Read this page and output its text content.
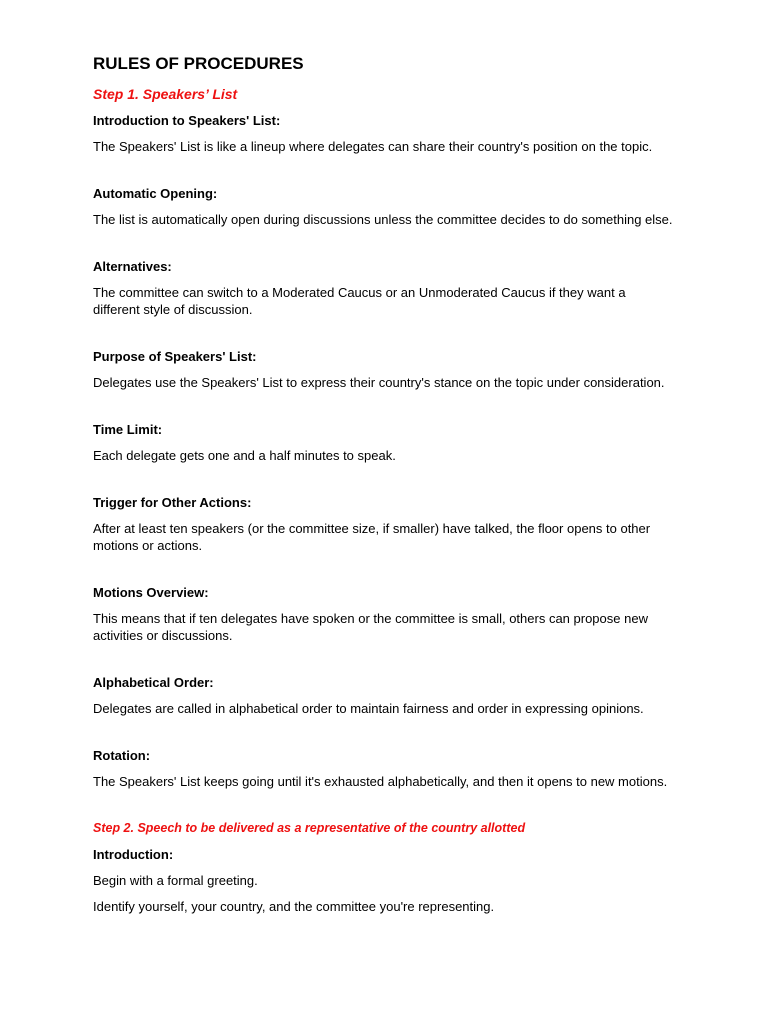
RULES OF PROCEDURES
Step 1. Speakers’ List
Introduction to Speakers' List:

The Speakers' List is like a lineup where delegates can share their country's position on the topic.

Automatic Opening:

The list is automatically open during discussions unless the committee decides to do something else.

Alternatives:

The committee can switch to a Moderated Caucus or an Unmoderated Caucus if they want a different style of discussion.

Purpose of Speakers' List:

Delegates use the Speakers' List to express their country's stance on the topic under consideration.

Time Limit:

Each delegate gets one and a half minutes to speak.

Trigger for Other Actions:

After at least ten speakers (or the committee size, if smaller) have talked, the floor opens to other motions or actions.

Motions Overview:

This means that if ten delegates have spoken or the committee is small, others can propose new activities or discussions.

Alphabetical Order:

Delegates are called in alphabetical order to maintain fairness and order in expressing opinions.

Rotation:

The Speakers' List keeps going until it's exhausted alphabetically, and then it opens to new motions.

Step 2. Speech to be delivered as a representative of the country allotted
Introduction:

Begin with a formal greeting.

Identify yourself, your country, and the committee you're representing.
